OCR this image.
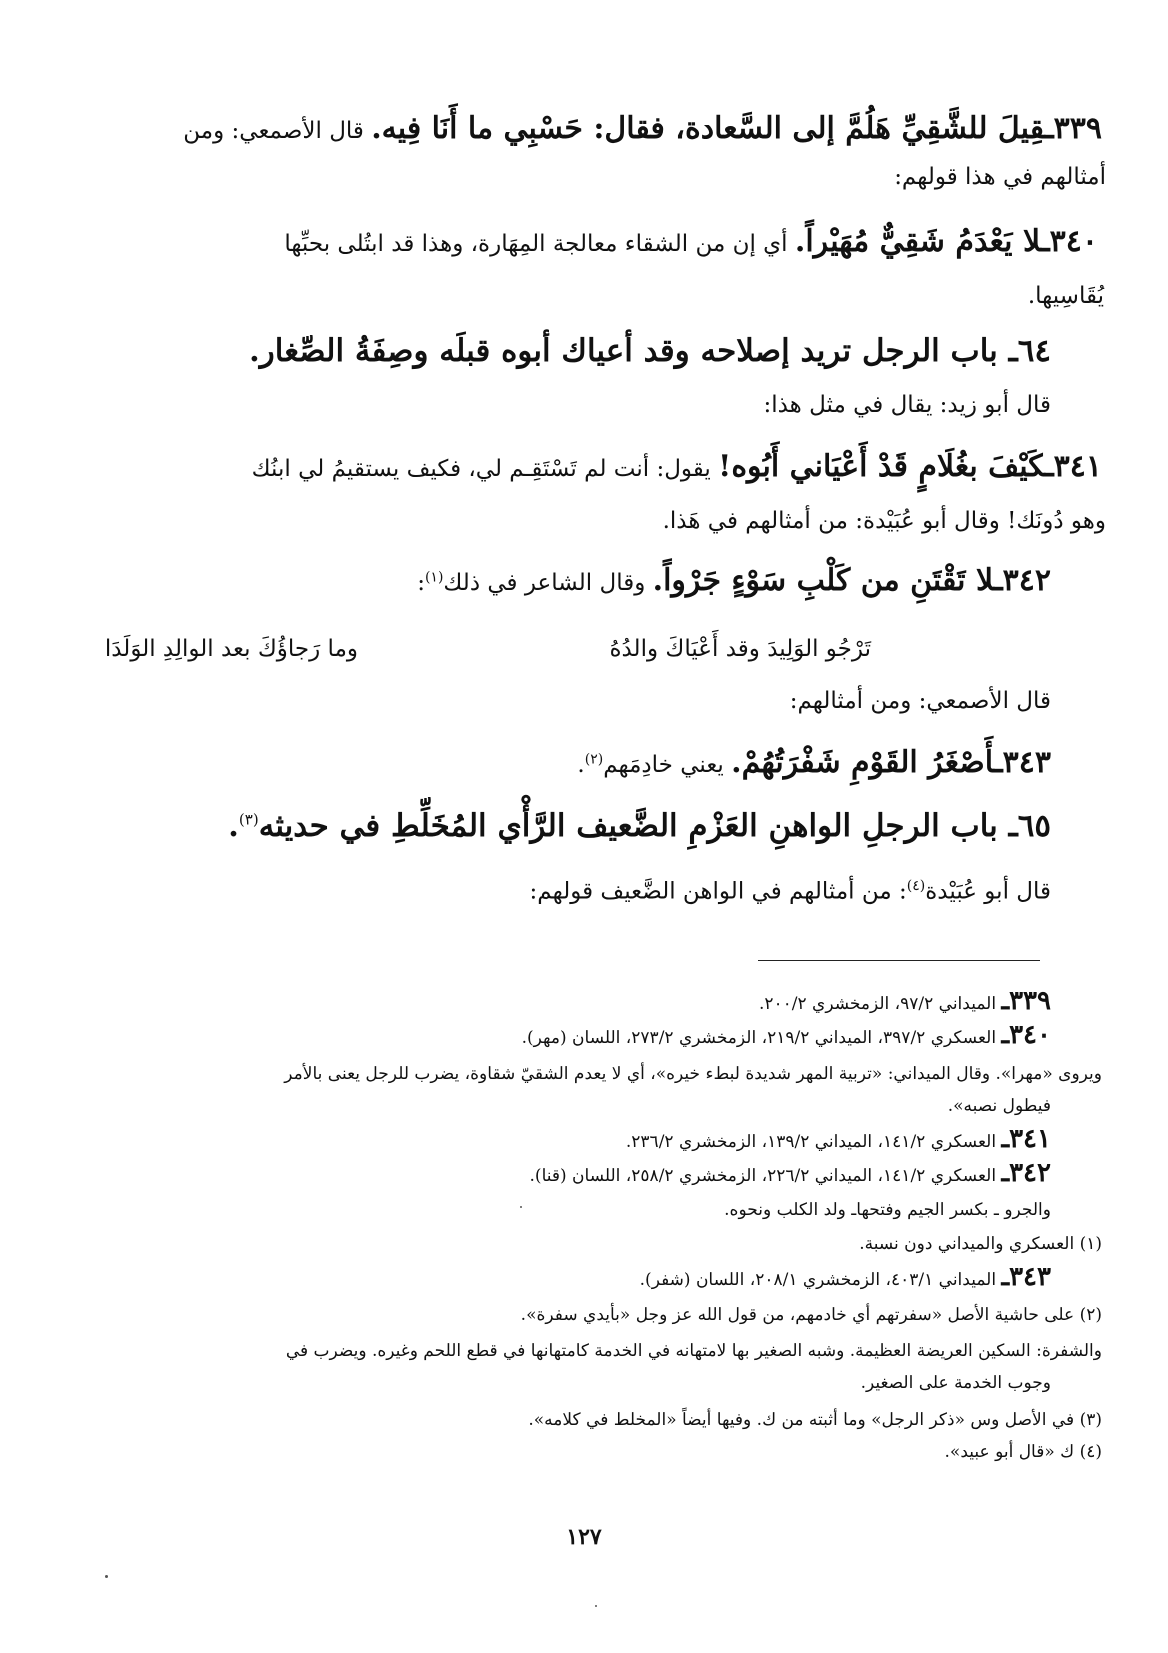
٣٣٩ـقِيلَ للشَّقِيِّ هَلُمَّ إلى السَّعادة، فقال: حَسْبِي ما أَنَا فِيه. قال الأصمعي: ومن
أمثالهم في هذا قولهم:
٣٤٠ـلا يَعْدَمُ شَقِيٌّ مُهَيْراً. أي إن من الشقاء معالجة المِهَارة، وهذا قد ابتُلى بحبِّها
يُقَاسِيها.
٦٤ـ باب الرجل تريد إصلاحه وقد أعياك أبوه قبلَه وصِفَةُ الصِّغار.
قال أبو زيد: يقال في مثل هذا:
٣٤١ـكَيْفَ بغُلَامٍ قَدْ أَعْيَاني أَبُوه! يقول: أنت لم تَسْتَقِـم لي، فكيف يستقيمُ لي ابنُك
وهو دُونَك! وقال أبو عُبَيْدة: من أمثالهم في هَذا.
٣٤٢ـلا تَقْتَنِ من كَلْبِ سَوْءٍ جَرْواً. وقال الشاعر في ذلك$^{(١)}$:
تَرْجُو الوَلِيدَ وقد أَعْيَاكَ والدُهُ
وما رَجاؤُكَ بعد الوالِدِ الوَلَدَا
قال الأصمعي: ومن أمثالهم:
٣٤٣ـأَصْغَرُ القَوْمِ شَفْرَتُهُمْ. يعني خادِمَهم$^{(٢)}$.
٦٥ـ باب الرجلِ الواهنِ العَزْمِ الضَّعيف الرَّأْي المُخَلِّطِ في حديثه$^{(٣)}$.
قال أبو عُبَيْدة$^{(٤)}$: من أمثالهم في الواهن الضَّعيف قولهم:
٣٣٩ـ الميداني ٩٧/٢، الزمخشري ٢٠٠/٢.
٣٤٠ـ العسكري ٣٩٧/٢، الميداني ٢١٩/٢، الزمخشري ٢٧٣/٢، اللسان (مهر).
ويروى «مهرا». وقال الميداني: «تربية المهر شديدة لبطء خيره»، أي لا يعدم الشقيّ شقاوة، يضرب للرجل يعنى بالأمر
فيطول نصبه».
٣٤١ـ العسكري ١٤١/٢، الميداني ١٣٩/٢، الزمخشري ٢٣٦/٢.
٣٤٢ـ العسكري ١٤١/٢، الميداني ٢٢٦/٢، الزمخشري ٢٥٨/٢، اللسان (قنا).
والجرو ـ بكسر الجيم وفتحهاـ ولد الكلب ونحوه.
(١) العسكري والميداني دون نسبة.
٣٤٣ـ الميداني ٤٠٣/١، الزمخشري ٢٠٨/١، اللسان (شفر).
(٢) على حاشية الأصل «سفرتهم أي خادمهم، من قول الله عز وجل «بأيدي سفرة».
والشفرة: السكين العريضة العظيمة. وشبه الصغير بها لامتهانه في الخدمة كامتهانها في قطع اللحم وغيره. ويضرب في
وجوب الخدمة على الصغير.
(٣) في الأصل وس «ذكر الرجل» وما أثبته من ك. وفيها أيضاً «المخلط في كلامه».
(٤) ك «قال أبو عبيد».
١٢٧
